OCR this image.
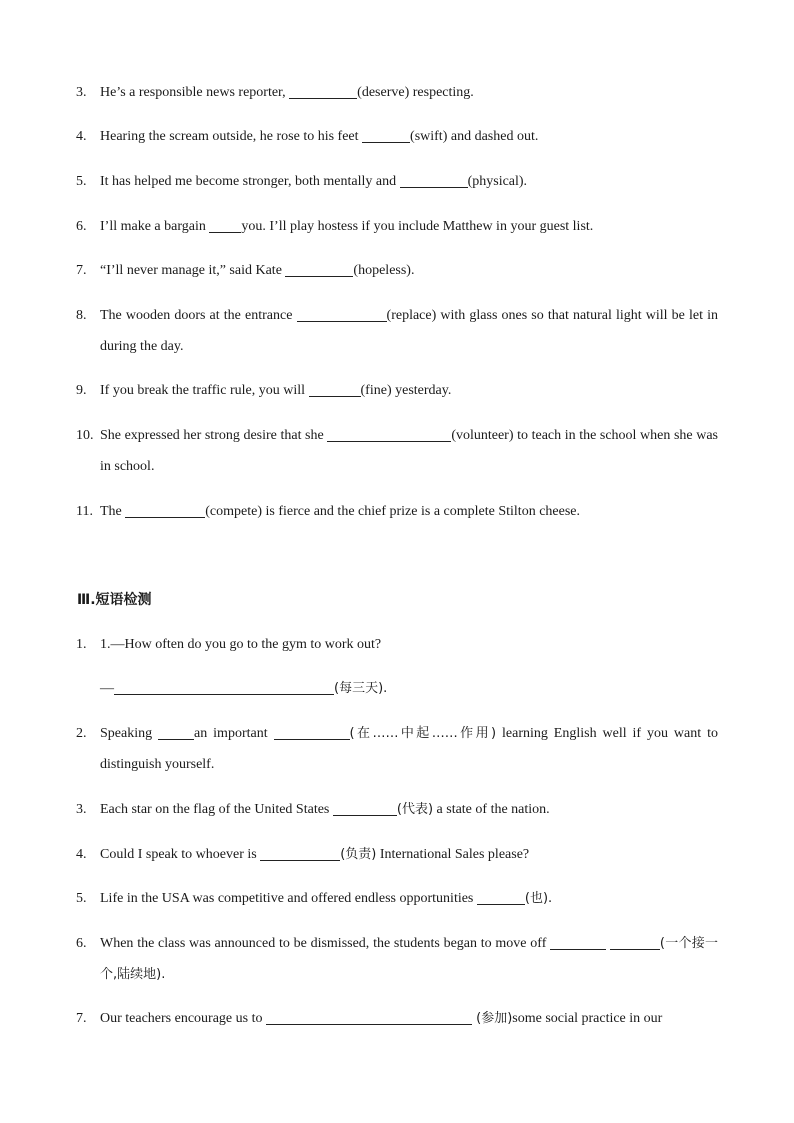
3. He’s a responsible news reporter,	(deserve) respecting.
4. Hearing the scream outside, he rose to his feet	(swift) and dashed out.
5. It has helped me become stronger, both mentally and	(physical).
6. I’ll make a bargain you. I’ll play hostess if you include Matthew in your guest list.
7. “I’ll never manage it,” said Kate	(hopeless).
8. The wooden doors at the entrance	(replace) with glass ones so that natural light will be let in during the day.
9. If you break the traffic rule, you will	(fine) yesterday.
10. She expressed her strong desire that she	(volunteer) to teach in the school when she was in school.
11. The	(compete) is fierce and the chief prize is a complete Stilton cheese.
Ⅲ.短语检测
1. 1.—How often do you go to the gym to work out?
—	(每三天).
2. Speaking	an important	(在……中起……作用) learning English well if you want to distinguish yourself.
3. Each star on the flag of the United States	(代表) a state of the nation.
4. Could I speak to whoever is	(负责) International Sales please?
5. Life in the USA was competitive and offered endless opportunities	(也).
6. When the class was announced to be dismissed, the students began to move off	(一个接一个,陆续地).
7. Our teachers encourage us to	(参加)some social practice in our
